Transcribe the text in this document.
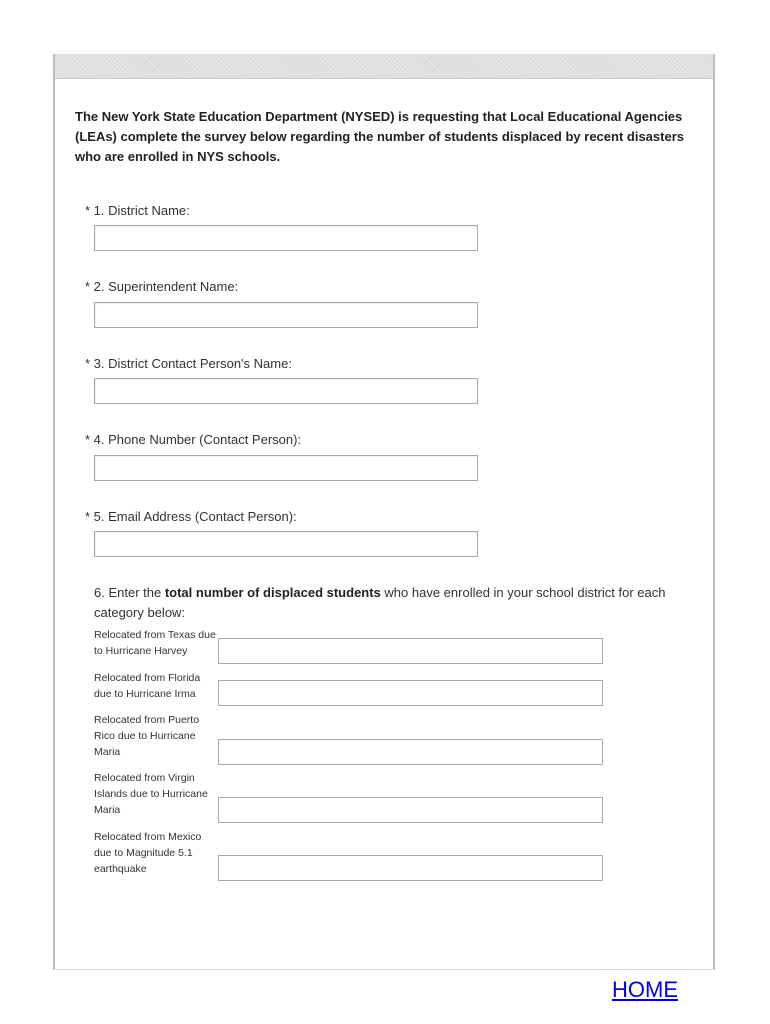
The New York State Education Department (NYSED) is requesting that Local Educational Agencies (LEAs) complete the survey below regarding the number of students displaced by recent disasters who are enrolled in NYS schools.
* 1. District Name:
* 2. Superintendent Name:
* 3. District Contact Person's Name:
* 4. Phone Number (Contact Person):
* 5. Email Address (Contact Person):
6. Enter the total number of displaced students who have enrolled in your school district for each category below:
Relocated from Texas due to Hurricane Harvey
Relocated from Florida due to Hurricane Irma
Relocated from Puerto Rico due to Hurricane Maria
Relocated from Virgin Islands due to Hurricane Maria
Relocated from Mexico due to Magnitude 5.1 earthquake
HOME
